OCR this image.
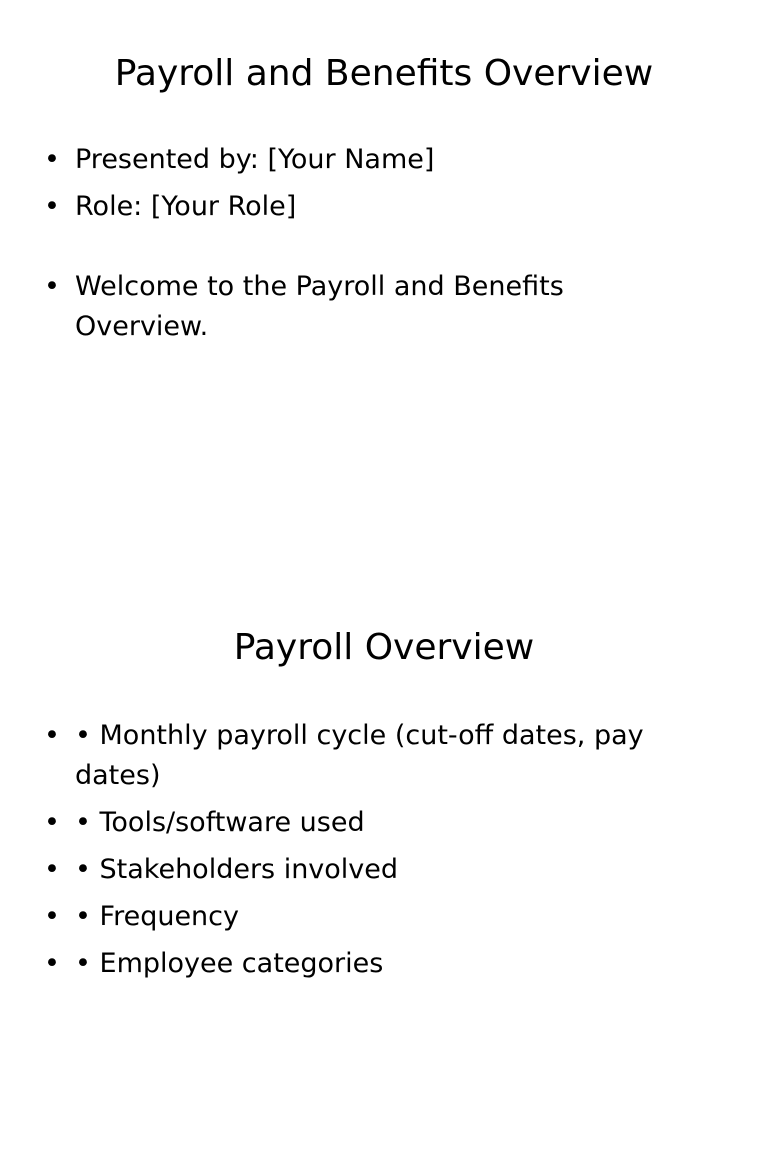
Payroll and Benefits Overview
• Presented by: [Your Name]
• Role: [Your Role]
• Welcome to the Payroll and Benefits Overview.
Payroll Overview
• • Monthly payroll cycle (cut-off dates, pay dates)
• • Tools/software used
• • Stakeholders involved
• • Frequency
• • Employee categories
